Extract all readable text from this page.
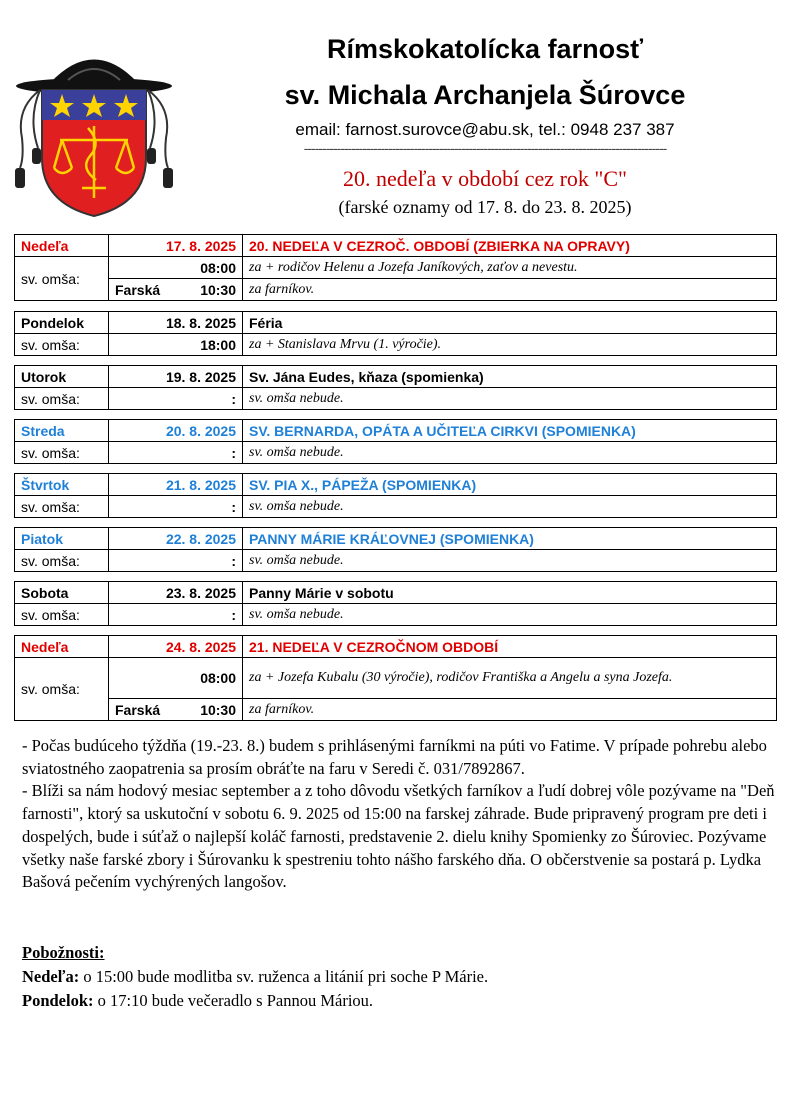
Rímskokatolícka farnosť
sv. Michala Archanjela Šúrovce
email: farnost.surovce@abu.sk, tel.: 0948 237 387
---------------------------------------------------------------------------------------------------
20. nedeľa v období cez rok "C"
(farské oznamy od 17. 8. do 23. 8. 2025)
Nedeľa	17. 8. 2025	20. NEDEĽA V CEZROČ. OBDOBÍ (ZBIERKA NA OPRAVY)
sv. omša:	08:00	za + rodičov Helenu a Jozefa Janíkových, zaťov a nevestu.

	Farská 10:30	za farníkov.
Pondelok	18. 8. 2025	Féria
sv. omša:	18:00	za + Stanislava Mrvu (1. výročie).
Utorok	19. 8. 2025	Sv. Jána Eudes, kňaza (spomienka)
sv. omša:	:	sv. omša nebude.
Streda	20. 8. 2025	SV. BERNARDA, OPÁTA A UČITEĽA CIRKVI (SPOMIENKA)
sv. omša:	:	sv. omša nebude.
Štvrtok	21. 8. 2025	SV. PIA X., PÁPEŽA (SPOMIENKA)
sv. omša:	:	sv. omša nebude.
Piatok	22. 8. 2025	PANNY MÁRIE KRÁĽOVNEJ (SPOMIENKA)
sv. omša:	:	sv. omša nebude.
Sobota	23. 8. 2025	Panny Márie v sobotu
sv. omša:	:	sv. omša nebude.
Nedeľa	24. 8. 2025	21. NEDEĽA V CEZROČNOM OBDOBÍ
sv. omša:	08:00	za + Jozefa Kubalu (30 výročie), rodičov Františka a Angelu a syna Jozefa.

	Farská 10:30	za farníkov.

- Počas budúceho týždňa (19.-23. 8.) budem s prihlásenými farníkmi na púti vo Fatime. V prípade pohrebu alebo sviatostného zaopatrenia sa prosím obráťte na faru v Seredi č. 031/7892867.

- Blíži sa nám hodový mesiac september a z toho dôvodu všetkých farníkov a ľudí dobrej vôle pozývame na "Deň farnosti", ktorý sa uskutoční v sobotu 6. 9. 2025 od 15:00 na farskej záhrade. Bude pripravený program pre deti i dospelých, bude i súťaž o najlepší koláč farnosti, predstavenie 2. dielu knihy Spomienky zo Šúroviec. Pozývame všetky naše farské zbory i Šúrovanku k spestreniu tohto nášho farského dňa. O občerstvenie sa postará p. Lydka Bašová pečením vychýrených langošov.

Pobožnosti:
Nedeľa: o 15:00 bude modlitba sv. ruženca a litánií pri soche P Márie.
Pondelok: o 17:10 bude večeradlo s Pannou Máriou.
